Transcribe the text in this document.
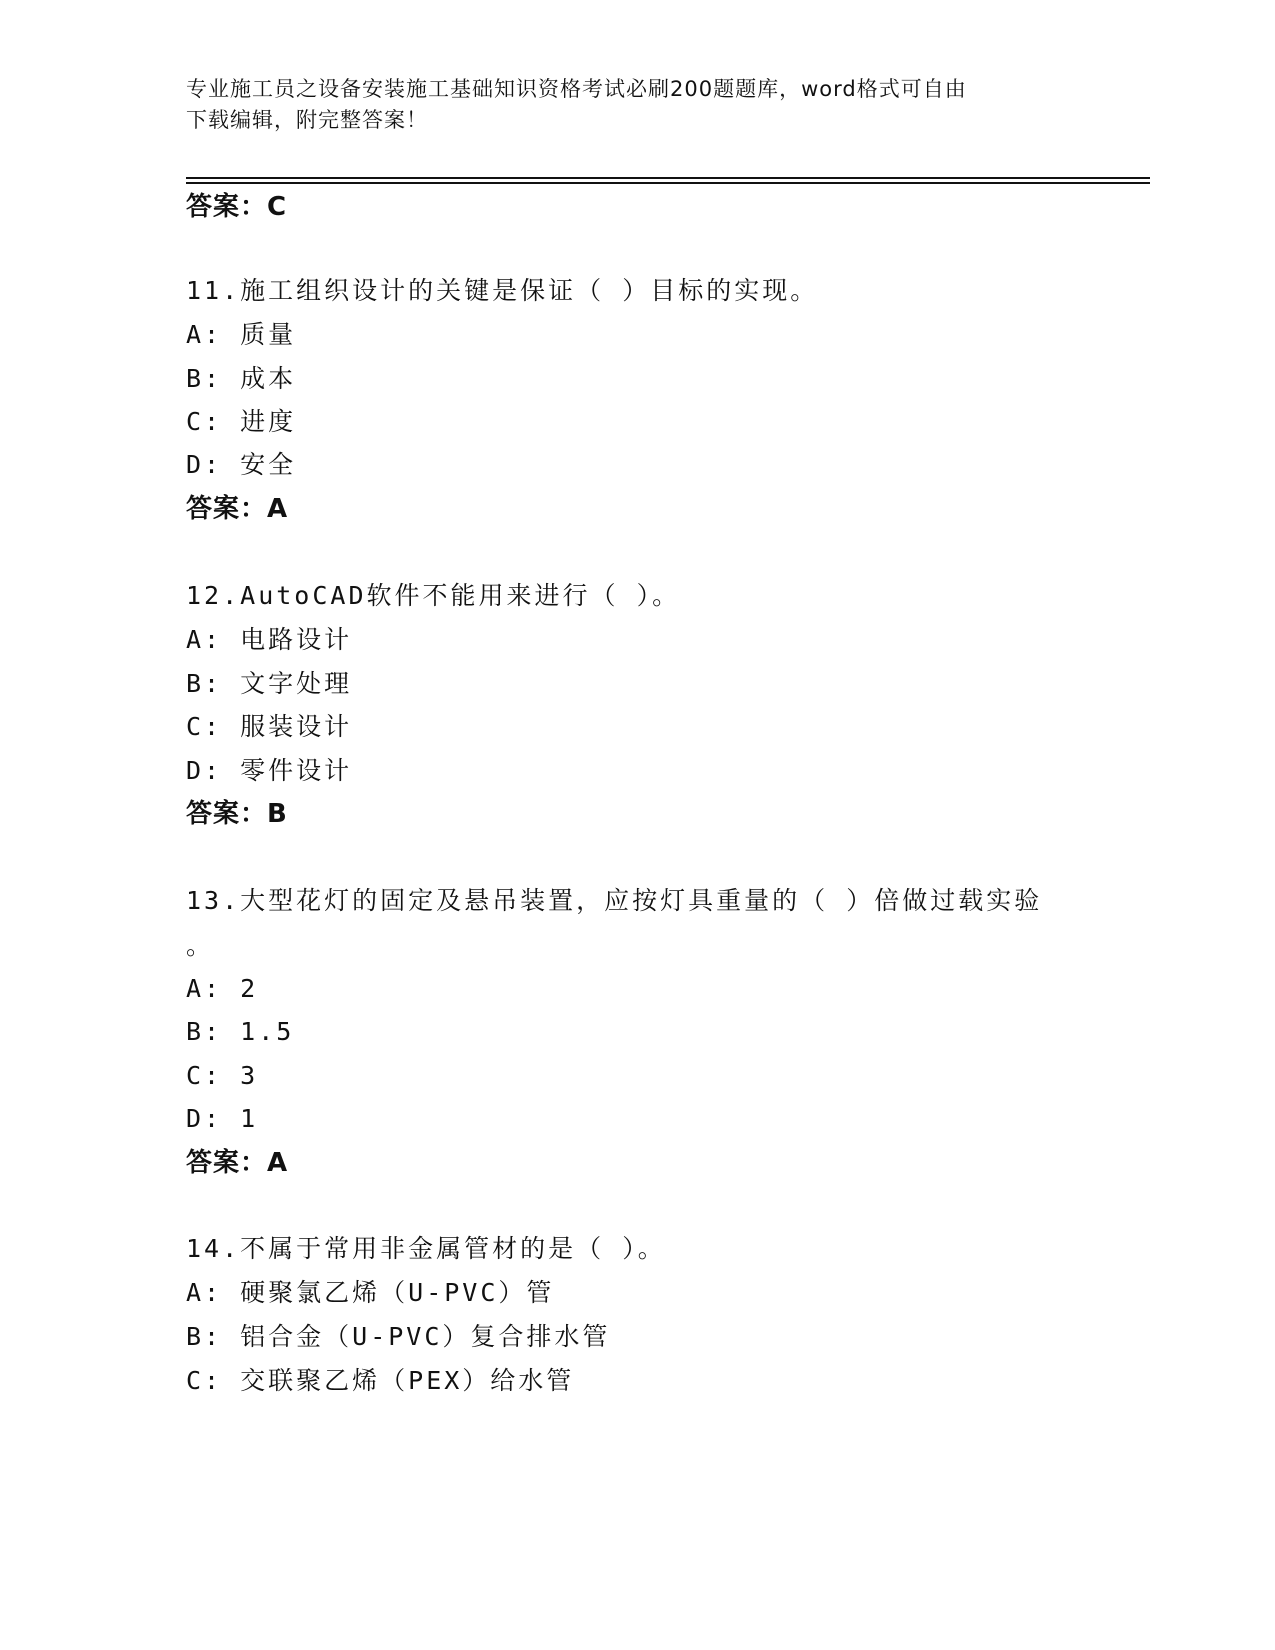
专业施工员之设备安装施工基础知识资格考试必刷200题题库，word格式可自由
下载编辑，附完整答案！
答案：C
11.施工组织设计的关键是保证（ ）目标的实现。
A: 质量
B: 成本
C: 进度
D: 安全
答案：A
12.AutoCAD软件不能用来进行（ ）。
A: 电路设计
B: 文字处理
C: 服装设计
D: 零件设计
答案：B
13.大型花灯的固定及悬吊装置，应按灯具重量的（ ）倍做过载实验
。
A: 2
B: 1.5
C: 3
D: 1
答案：A
14.不属于常用非金属管材的是（ ）。
A: 硬聚氯乙烯（U-PVC）管
B: 铝合金（U-PVC）复合排水管
C: 交联聚乙烯（PEX）给水管
